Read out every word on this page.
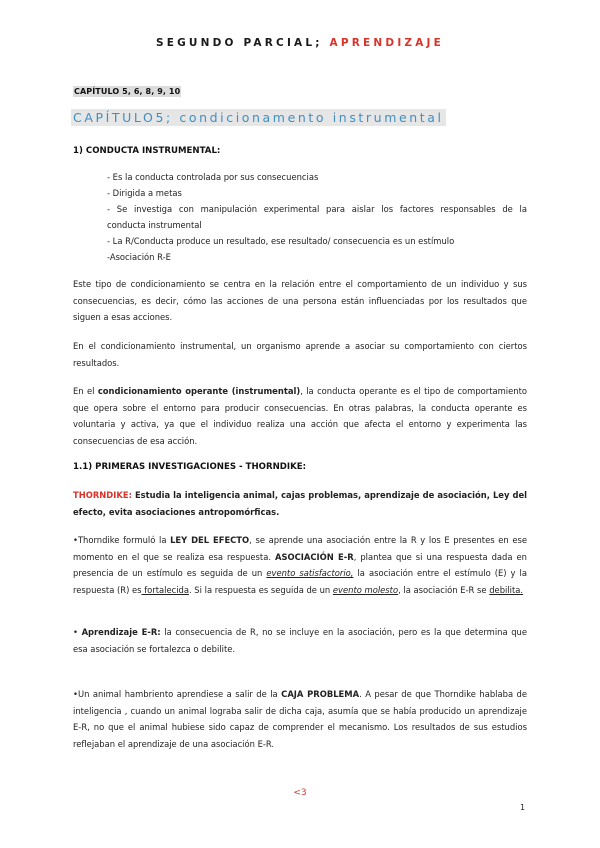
SEGUNDO PARCIAL; APRENDIZAJE
CAPÍTULO 5, 6, 8, 9, 10
CAPÍTULO5; condicionamento instrumental
1) CONDUCTA INSTRUMENTAL:
- Es la conducta controlada por sus consecuencias
- Dirigida a metas
- Se investiga con manipulación experimental para aislar los factores responsables de la
conducta instrumental
- La R/Conducta produce un resultado, ese resultado/ consecuencia es un estímulo
-Asociación R-E

Este tipo de condicionamiento se centra en la relación entre el comportamiento de un individuo y sus consecuencias, es decir, cómo las acciones de una persona están influenciadas por los resultados que siguen a esas acciones.

En el condicionamiento instrumental, un organismo aprende a asociar su comportamiento con ciertos resultados.

En el condicionamiento operante (instrumental), la conducta operante es el tipo de comportamiento que opera sobre el entorno para producir consecuencias. En otras palabras, la conducta operante es voluntaria y activa, ya que el individuo realiza una acción que afecta el entorno y experimenta las consecuencias de esa acción.

1.1) PRIMERAS INVESTIGACIONES - THORNDIKE:

THORNDIKE: Estudia la inteligencia animal, cajas problemas, aprendizaje de asociación, Ley del efecto, evita asociaciones antropomórficas.

•Thorndike formuló la LEY DEL EFECTO, se aprende una asociación entre la R y los E presentes en ese momento en el que se realiza esa respuesta. ASOCIACIÓN E-R, plantea que si una respuesta dada en presencia de un estímulo es seguida de un evento satisfactorio, la asociación entre el estímulo (E) y la respuesta (R) es fortalecida. Si la respuesta es seguida de un evento molesto, la asociación E-R se debilita.

• Aprendizaje E-R: la consecuencia de R, no se incluye en la asociación, pero es la que determina que esa asociación se fortalezca o debilite.

•Un animal hambriento aprendiese a salir de la CAJA PROBLEMA. A pesar de que Thorndike hablaba de inteligencia , cuando un animal lograba salir de dicha caja, asumía que se había producido un aprendizaje E-R, no que el animal hubiese sido capaz de comprender el mecanismo. Los resultados de sus estudios reflejaban el aprendizaje de una asociación E-R.

<3
1
